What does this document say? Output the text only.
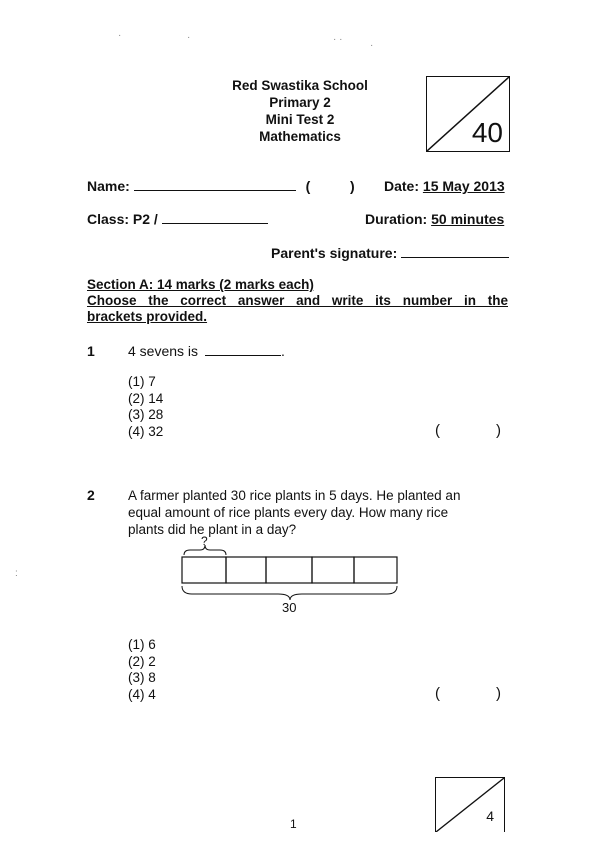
·	·	· ·
·
:
Red Swastika School
Primary 2
Mini Test 2
Mathematics	40
Name:	(	) Date: 15 May 2013
Class: P2 /	Duration: 50 minutes
Parent's signature:
Section A: 14 marks (2 marks each)
Choose the correct answer and write its number in the
brackets provided.
1 4 sevens is	.
(1) 7
(2) 14
(3) 28
(4) 32	(	)
2 A farmer planted 30 rice plants in 5 days. He planted an
equal amount of rice plants every day. How many rice
plants did he plant in a day?
?
30
(1) 6
(2) 2
(3) 8
(4) 4	(	)
4
1
